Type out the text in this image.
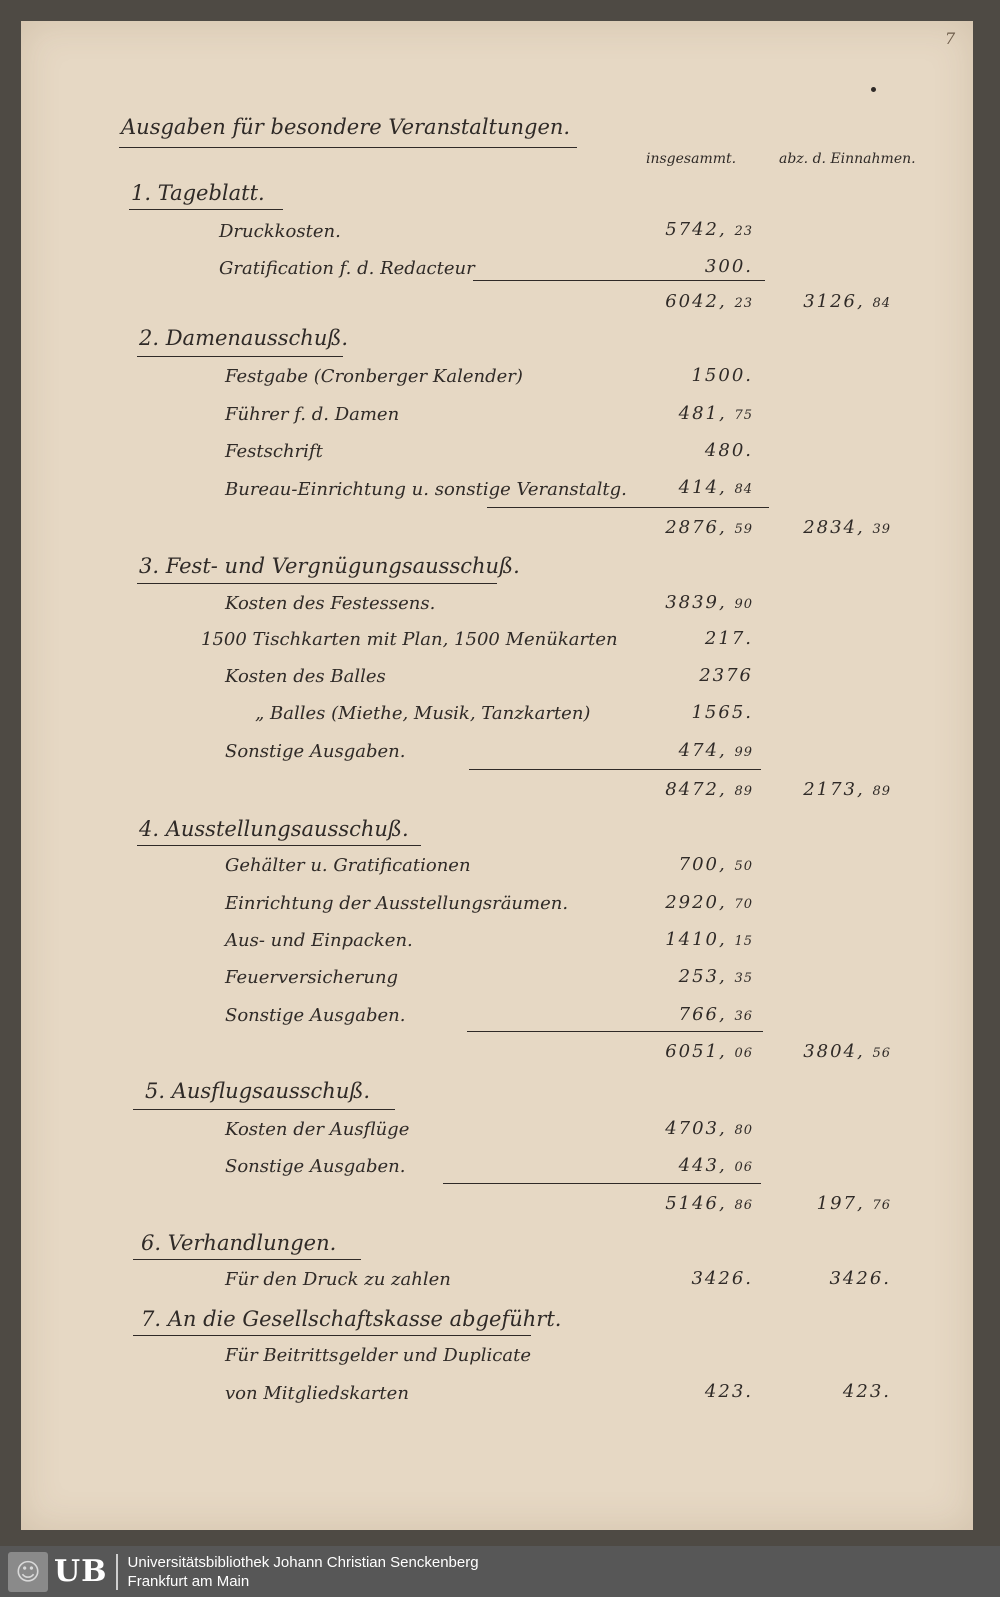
7
Ausgaben für besondere Veranstaltungen.
insgesammt.	abz. d. Einnahmen.
1. Tageblatt.
Druckkosten.	5742, 23
Gratification f. d. Redacteur	300.
6042, 23	3126, 84
2. Damenausschuß.
Festgabe (Cronberger Kalender)	1500.
Führer f. d. Damen	481, 75
Festschrift	480.
Bureau-Einrichtung u. sonstige Veranstaltg.	414, 84
2876, 59	2834, 39
3. Fest- und Vergnügungsausschuß.
Kosten des Festessens.	3839, 90
1500 Tischkarten mit Plan, 1500 Menükarten	217.
Kosten des Balles	2376
„ Balles (Miethe, Musik, Tanzkarten)	1565.
Sonstige Ausgaben.	474, 99
8472, 89	2173, 89
4. Ausstellungsausschuß.
Gehälter u. Gratificationen	700, 50
Einrichtung der Ausstellungsräumen.	2920, 70
Aus- und Einpacken.	1410, 15
Feuerversicherung	253, 35
Sonstige Ausgaben.	766, 36
6051, 06	3804, 56
5. Ausflugsausschuß.
Kosten der Ausflüge	4703, 80
Sonstige Ausgaben.	443, 06
5146, 86	197, 76
6. Verhandlungen.
Für den Druck zu zahlen	3426.	3426.
7. An die Gesellschaftskasse abgeführt.
Für Beitrittsgelder und Duplicate
von Mitgliedskarten	423.	423.
☺ UB Universitätsbibliothek Johann Christian Senckenberg
Frankfurt am Main
